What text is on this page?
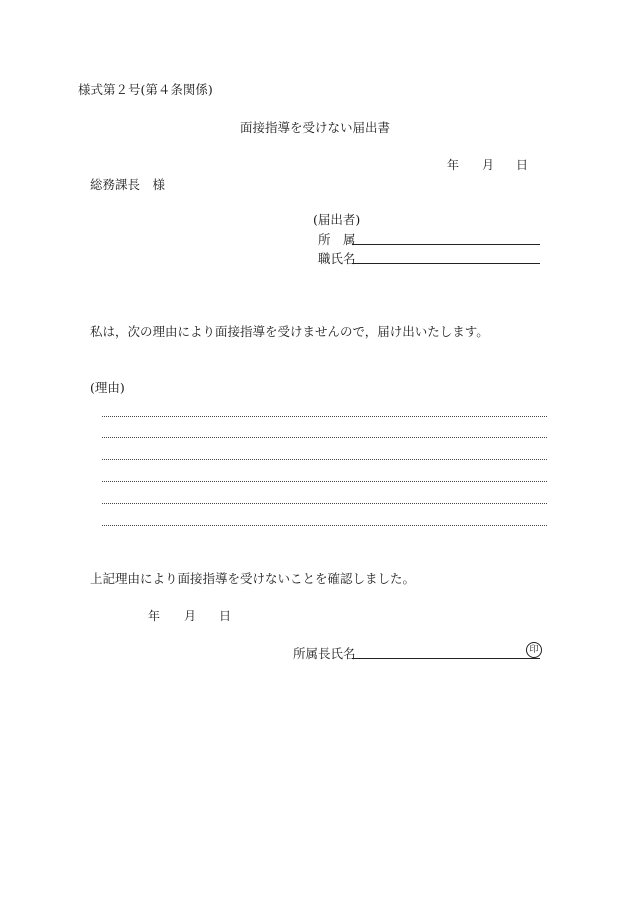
様式第２号(第４条関係)
面接指導を受けない届出書
年 月 日
総務課長　様
(届出者)
所　属
職氏名
私は，次の理由により面接指導を受けませんので，届け出いたします。
(理由)
上記理由により面接指導を受けないことを確認しました。
年 月 日
所属長氏名	印
